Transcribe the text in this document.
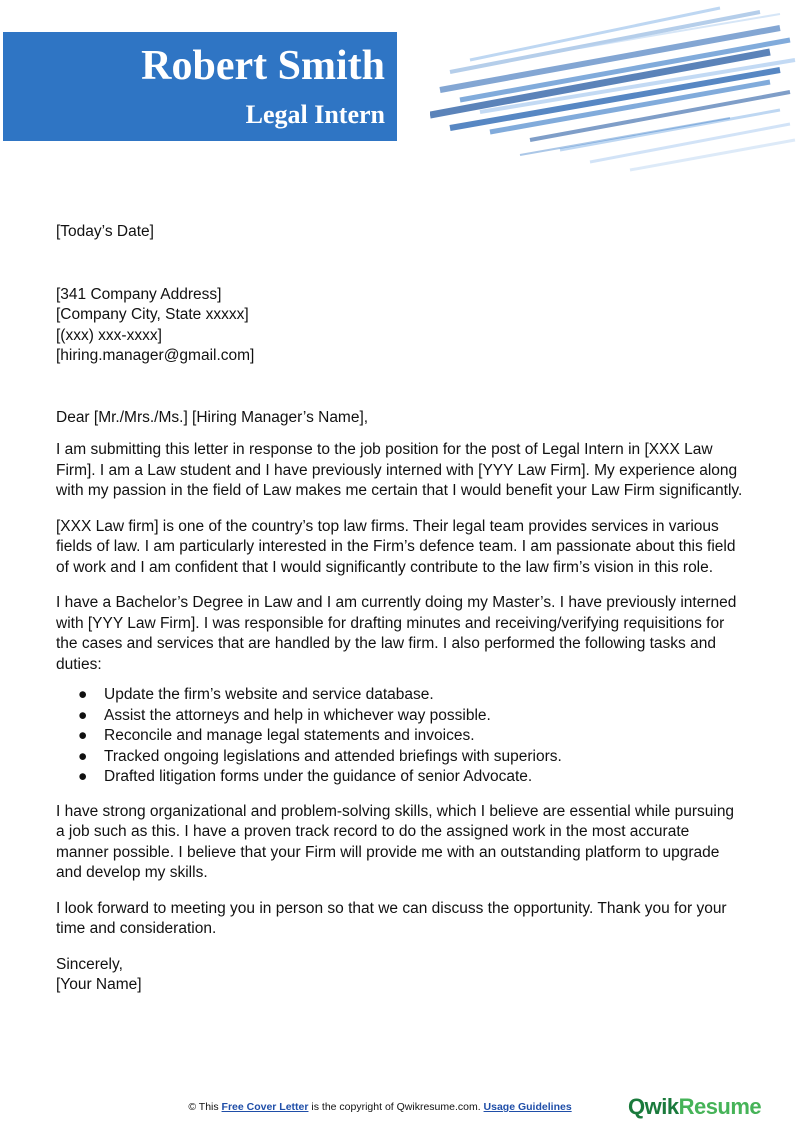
Robert Smith
Legal Intern

[Today’s Date]

[341 Company Address]

[Company City, State xxxxx]

[(xxx) xxx-xxxx]

[hiring.manager@gmail.com]

Dear [Mr./Mrs./Ms.] [Hiring Manager’s Name],

I am submitting this letter in response to the job position for the post of Legal Intern in [XXX Law Firm]. I am a Law student and I have previously interned with [YYY Law Firm]. My experience along with my passion in the field of Law makes me certain that I would benefit your Law Firm significantly.

[XXX Law firm] is one of the country’s top law firms. Their legal team provides services in various fields of law. I am particularly interested in the Firm’s defence team. I am passionate about this field of work and I am confident that I would significantly contribute to the law firm’s vision in this role.

I have a Bachelor’s Degree in Law and I am currently doing my Master’s. I have previously interned with [YYY Law Firm]. I was responsible for drafting minutes and receiving/verifying requisitions for the cases and services that are handled by the law firm. I also performed the following tasks and duties:

● Update the firm’s website and service database.
● Assist the attorneys and help in whichever way possible.
● Reconcile and manage legal statements and invoices.
● Tracked ongoing legislations and attended briefings with superiors.
● Drafted litigation forms under the guidance of senior Advocate.

I have strong organizational and problem-solving skills, which I believe are essential while pursuing a job such as this. I have a proven track record to do the assigned work in the most accurate manner possible. I believe that your Firm will provide me with an outstanding platform to upgrade and develop my skills.

I look forward to meeting you in person so that we can discuss the opportunity. Thank you for your time and consideration.

Sincerely,

[Your Name]

© This Free Cover Letter is the copyright of Qwikresume.com. Usage Guidelines	QwikResume
